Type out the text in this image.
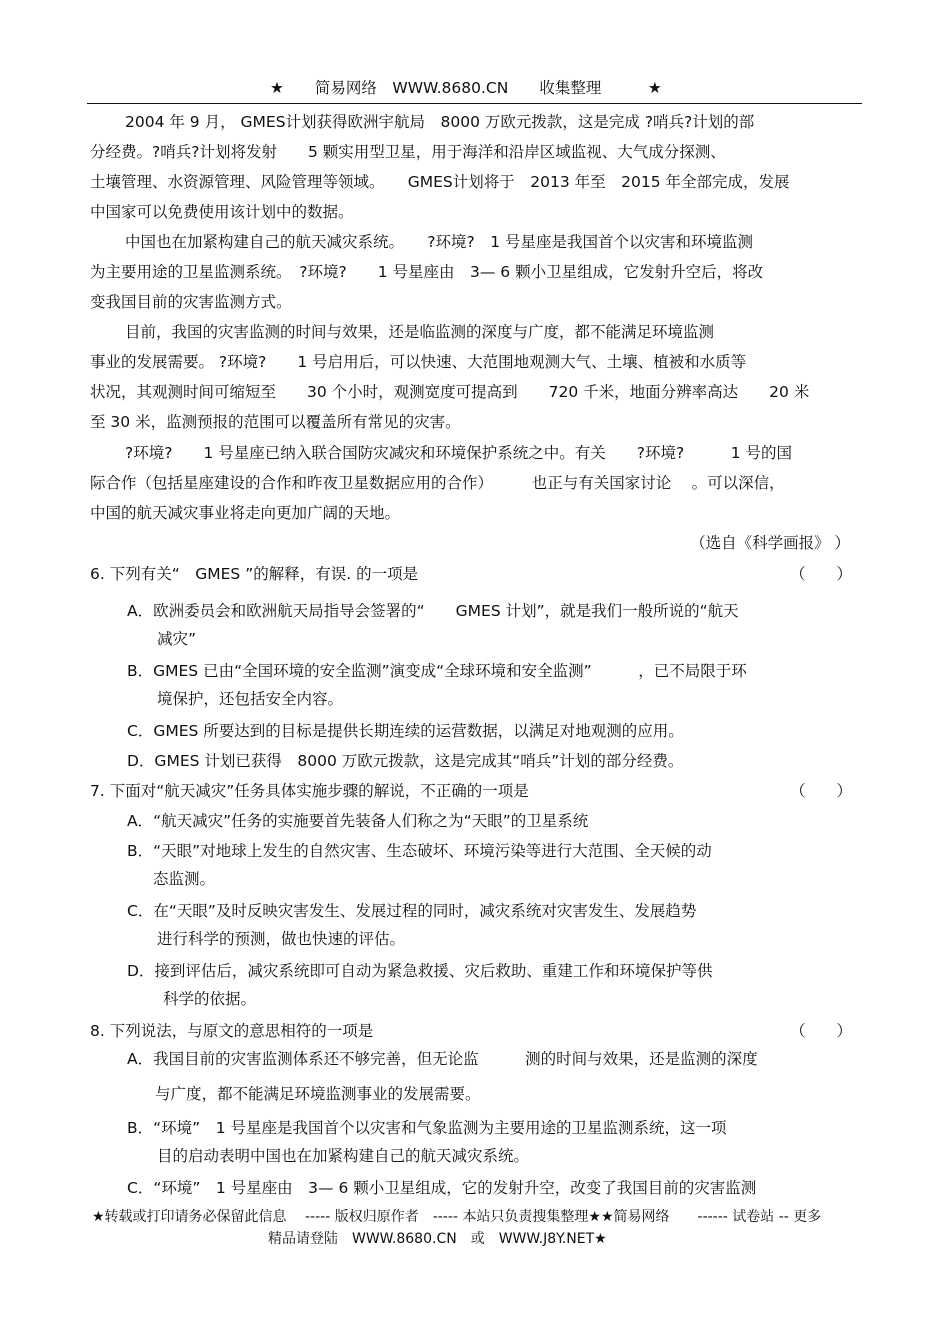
★　　简易网络　WWW.8680.CN　　收集整理　　　★
2004 年 9 月， GMES计划获得欧洲宇航局　8000 万欧元拨款，这是完成 ?哨兵?计划的部
分经费。?哨兵?计划将发射　　5 颗实用型卫星，用于海洋和沿岸区域监视、大气成分探测、
土壤管理、水资源管理、风险管理等领域。　　GMES计划将于　2013 年至　2015 年全部完成，发展
中国家可以免费使用该计划中的数据。
中国也在加紧构建自己的航天减灾系统。　　?环境?　1 号星座是我国首个以灾害和环境监测
为主要用途的卫星监测系统。　?环境?　　1 号星座由　3— 6 颗小卫星组成，它发射升空后，将改
变我国目前的灾害监测方式。
目前，我国的灾害监测的时间与效果，还是临监测的深度与广度，都不能满足环境监测
事业的发展需要。 ?环境?　　1 号启用后，可以快速、大范围地观测大气、土壤、植被和水质等
状况，其观测时间可缩短至　　30 个小时，观测宽度可提高到　　720 千米，地面分辨率高达　　20 米
至 30 米，监测预报的范围可以覆盖所有常见的灾害。
?环境?　　1 号星座已纳入联合国防灾减灾和环境保护系统之中。有关　　?环境?　　　1 号的国
际合作（包括星座建设的合作和昨夜卫星数据应用的合作）　　　也正与有关国家讨论　 。可以深信，
中国的航天减灾事业将走向更加广阔的天地。
（选自《科学画报》 ）
6. 下列有关“　GMES ”的解释，有误. 的一项是	（　　）
A．欧洲委员会和欧洲航天局指导会签署的“　　GMES 计划”，就是我们一般所说的“航天
减灾”
B．GMES 已由“全国环境的安全监测”演变成“全球环境和安全监测”　　　，已不局限于环
境保护，还包括安全内容。
C．GMES 所要达到的目标是提供长期连续的运营数据，以满足对地观测的应用。
D．GMES 计划已获得　8000 万欧元拨款，这是完成其“哨兵”计划的部分经费。
7. 下面对“航天减灾”任务具体实施步骤的解说，不正确的一项是	（　　）
A．“航天减灾”任务的实施要首先装备人们称之为“天眼”的卫星系统
B．“天眼”对地球上发生的自然灾害、生态破坏、环境污染等进行大范围、全天候的动
态监测。
C．在“天眼”及时反映灾害发生、发展过程的同时，减灾系统对灾害发生、发展趋势
进行科学的预测，做也快速的评估。
D．接到评估后，减灾系统即可自动为紧急救援、灾后救助、重建工作和环境保护等供
科学的依据。
8. 下列说法，与原文的意思相符的一项是	（　　）
A．我国目前的灾害监测体系还不够完善，但无论监　　　测的时间与效果，还是监测的深度
与广度，都不能满足环境监测事业的发展需要。
B．“环境”　1 号星座是我国首个以灾害和气象监测为主要用途的卫星监测系统，这一项
目的启动表明中国也在加紧构建自己的航天减灾系统。
C．“环境”　1 号星座由　3— 6 颗小卫星组成，它的发射升空，改变了我国目前的灾害监测
★转载或打印请务必保留此信息　 ----- 版权归原作者　----- 本站只负责搜集整理★★简易网络　　------ 试卷站 -- 更多
精品请登陆　WWW.8680.CN　或　WWW.J8Y.NET★
